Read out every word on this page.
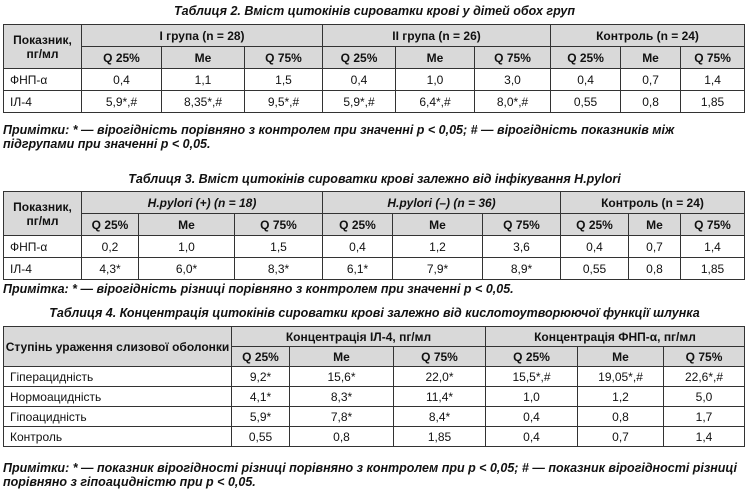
Таблиця 2. Вміст цитокінів сироватки крові у дітей обох груп
Показник, пг/мл	І група (n = 28)			ІІ група (n = 26)			Контроль (n = 24)		
	Q 25%	Me	Q 75%	Q 25%	Me	Q 75%	Q 25%	Me	Q 75%
ФНП-α	0,4	1,1	1,5	0,4	1,0	3,0	0,4	0,7	1,4
ІЛ-4	5,9*,#	8,35*,#	9,5*,#	5,9*,#	6,4*,#	8,0*,#	0,55	0,8	1,85
Примітки: * — вірогідність порівняно з контролем при значенні р < 0,05; # — вірогідність показників між підгрупами при значенні р < 0,05.
Таблиця 3. Вміст цитокінів сироватки крові залежно від інфікування H.pylori
Показник, пг/мл	H.pylori (+) (n = 18)			H.pylori (–) (n = 36)			Контроль (n = 24)		
	Q 25%	Me	Q 75%	Q 25%	Me	Q 75%	Q 25%	Me	Q 75%
ФНП-α	0,2	1,0	1,5	0,4	1,2	3,6	0,4	0,7	1,4
ІЛ-4	4,3*	6,0*	8,3*	6,1*	7,9*	8,9*	0,55	0,8	1,85
Примітка: * — вірогідність різниці порівняно з контролем при значенні р < 0,05.
Таблиця 4. Концентрація цитокінів сироватки крові залежно від кислотоутворюючої функції шлунка
Ступінь ураження слизової оболонки	Концентрація ІЛ-4, пг/мл			Концентрація ФНП-α, пг/мл		
	Q 25%	Me	Q 75%	Q 25%	Me	Q 75%
Гіперацидність	9,2*	15,6*	22,0*	15,5*,#	19,05*,#	22,6*,#
Нормоацидність	4,1*	8,3*	11,4*	1,0	1,2	5,0
Гіпоацидність	5,9*	7,8*	8,4*	0,4	0,8	1,7
Контроль	0,55	0,8	1,85	0,4	0,7	1,4
Примітки: * — показник вірогідності різниці порівняно з контролем при р < 0,05; # — показник вірогідності різниці порівняно з гіпоацидністю при р < 0,05.
